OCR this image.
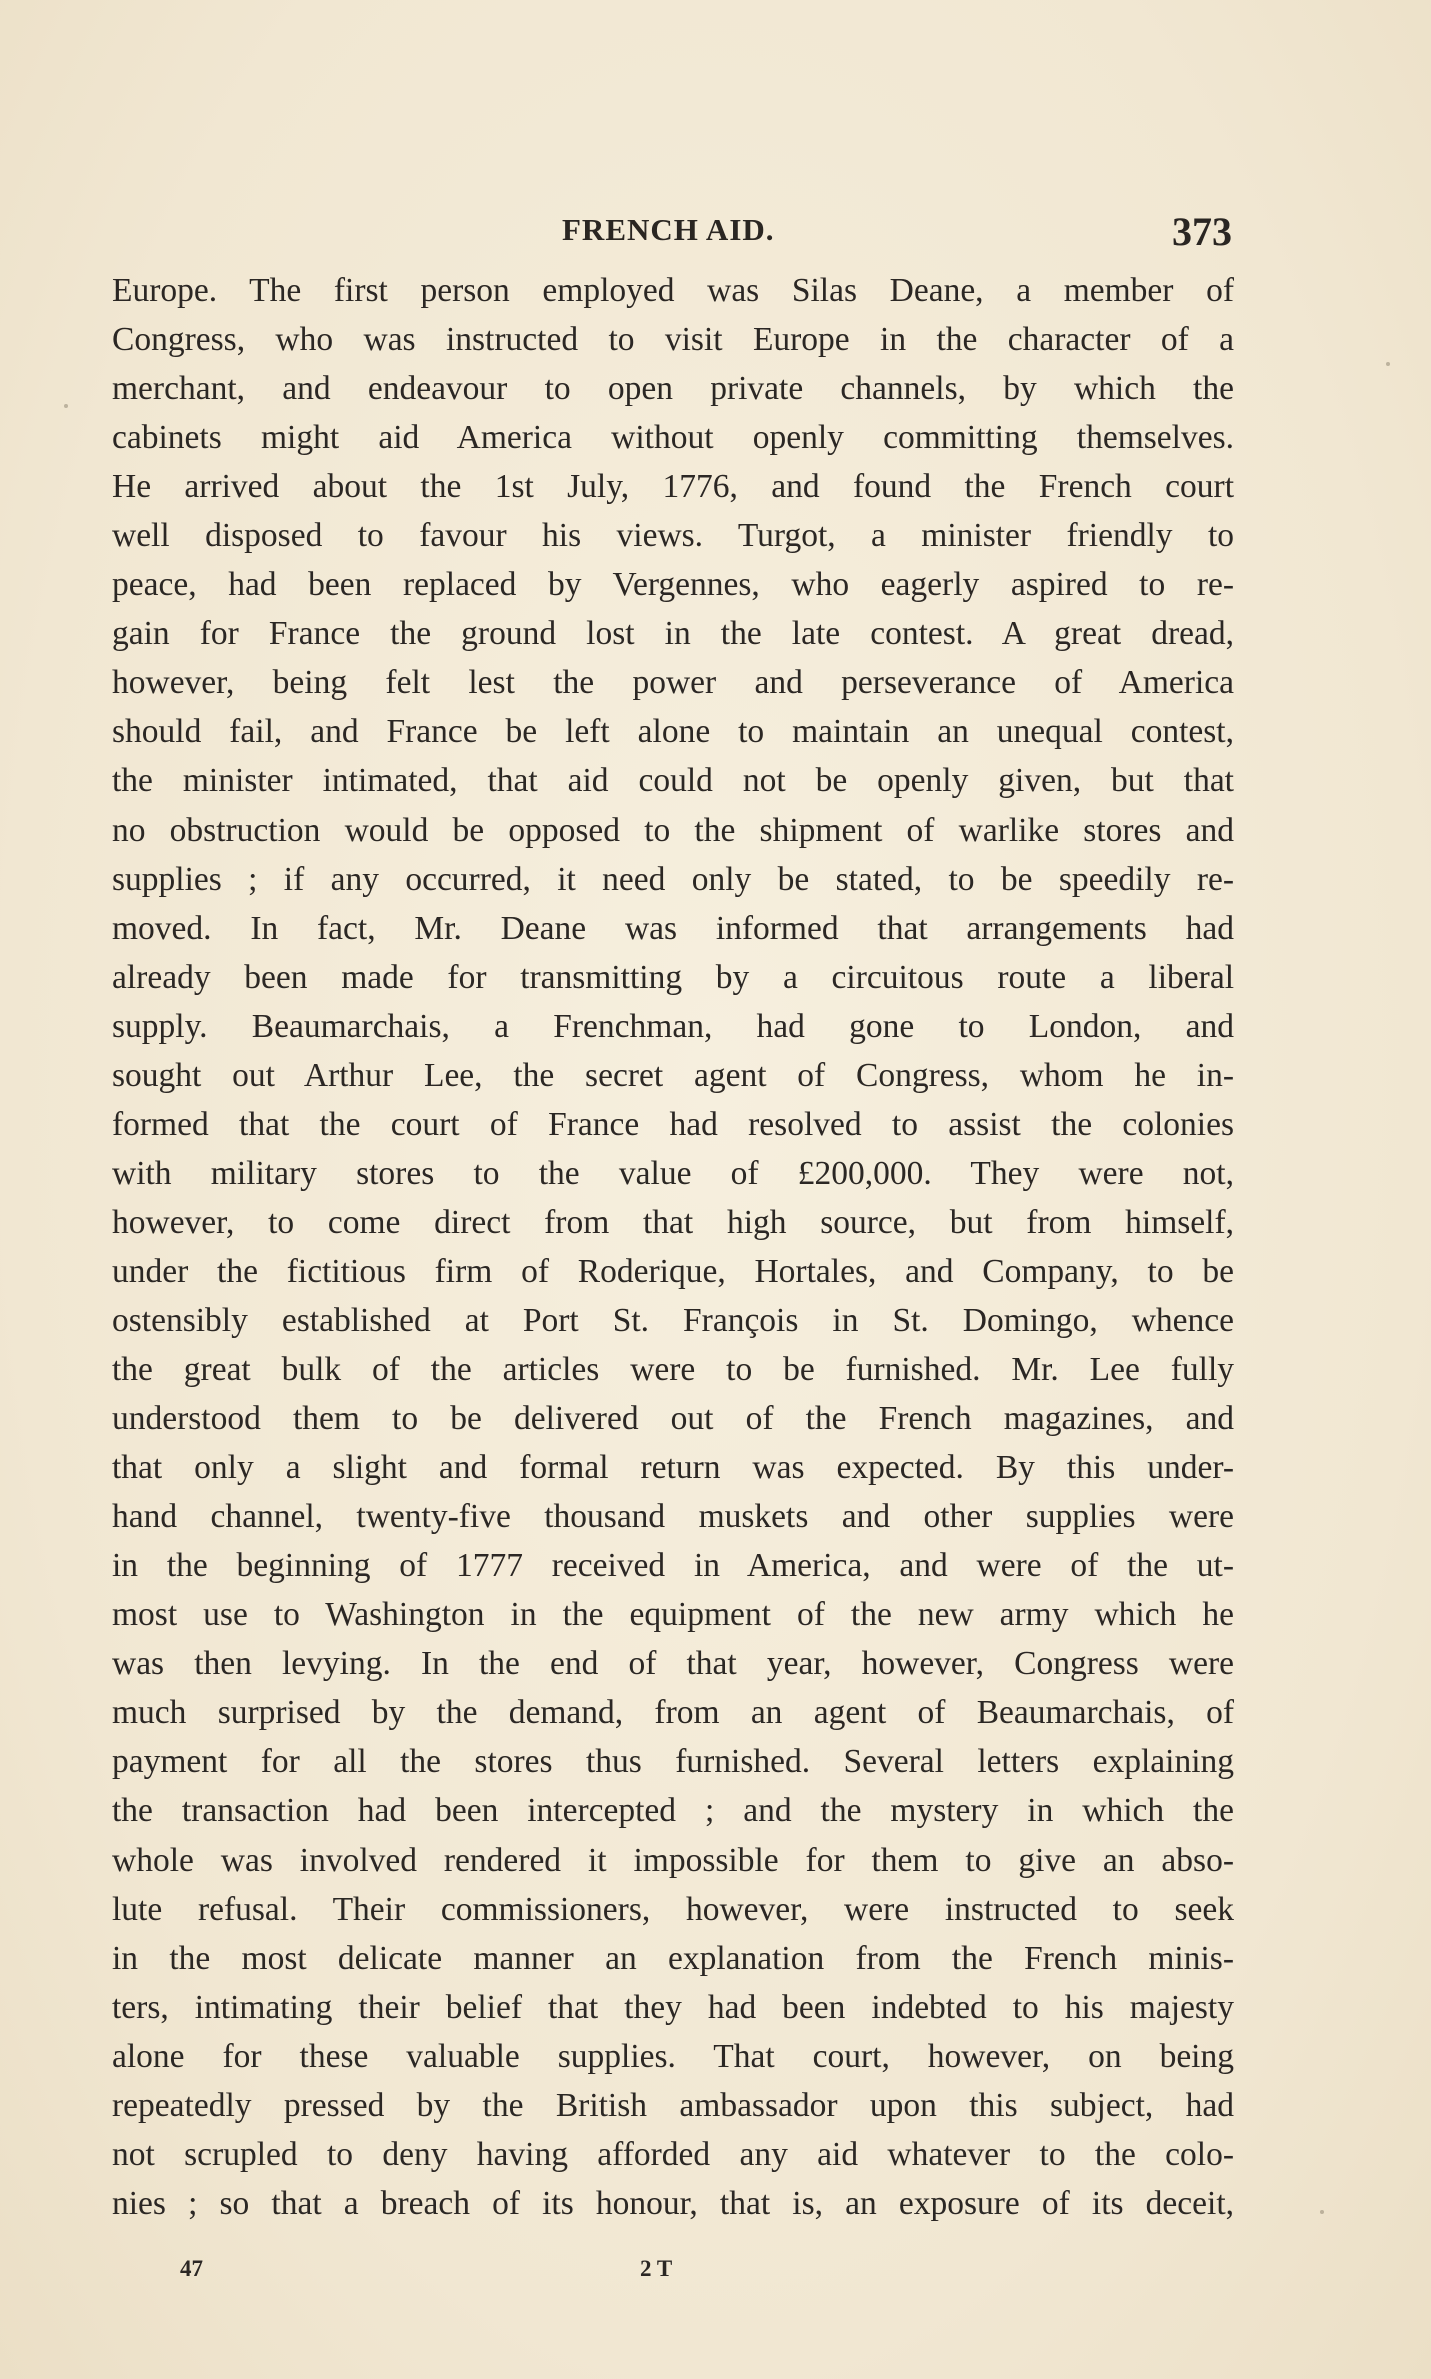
FRENCH AID.	373
Europe. The first person employed was Silas Deane, a member of
Congress, who was instructed to visit Europe in the character of a
merchant, and endeavour to open private channels, by which the
cabinets might aid America without openly committing themselves.
He arrived about the 1st July, 1776, and found the French court
well disposed to favour his views. Turgot, a minister friendly to
peace, had been replaced by Vergennes, who eagerly aspired to re-
gain for France the ground lost in the late contest. A great dread,
however, being felt lest the power and perseverance of America
should fail, and France be left alone to maintain an unequal contest,
the minister intimated, that aid could not be openly given, but that
no obstruction would be opposed to the shipment of warlike stores and
supplies ; if any occurred, it need only be stated, to be speedily re-
moved. In fact, Mr. Deane was informed that arrangements had
already been made for transmitting by a circuitous route a liberal
supply. Beaumarchais, a Frenchman, had gone to London, and
sought out Arthur Lee, the secret agent of Congress, whom he in-
formed that the court of France had resolved to assist the colonies
with military stores to the value of £200,000. They were not,
however, to come direct from that high source, but from himself,
under the fictitious firm of Roderique, Hortales, and Company, to be
ostensibly established at Port St. François in St. Domingo, whence
the great bulk of the articles were to be furnished. Mr. Lee fully
understood them to be delivered out of the French magazines, and
that only a slight and formal return was expected. By this under-
hand channel, twenty-five thousand muskets and other supplies were
in the beginning of 1777 received in America, and were of the ut-
most use to Washington in the equipment of the new army which he
was then levying. In the end of that year, however, Congress were
much surprised by the demand, from an agent of Beaumarchais, of
payment for all the stores thus furnished. Several letters explaining
the transaction had been intercepted ; and the mystery in which the
whole was involved rendered it impossible for them to give an abso-
lute refusal. Their commissioners, however, were instructed to seek
in the most delicate manner an explanation from the French minis-
ters, intimating their belief that they had been indebted to his majesty
alone for these valuable supplies. That court, however, on being
repeatedly pressed by the British ambassador upon this subject, had
not scrupled to deny having afforded any aid whatever to the colo-
nies ; so that a breach of its honour, that is, an exposure of its deceit,
47	2 T
